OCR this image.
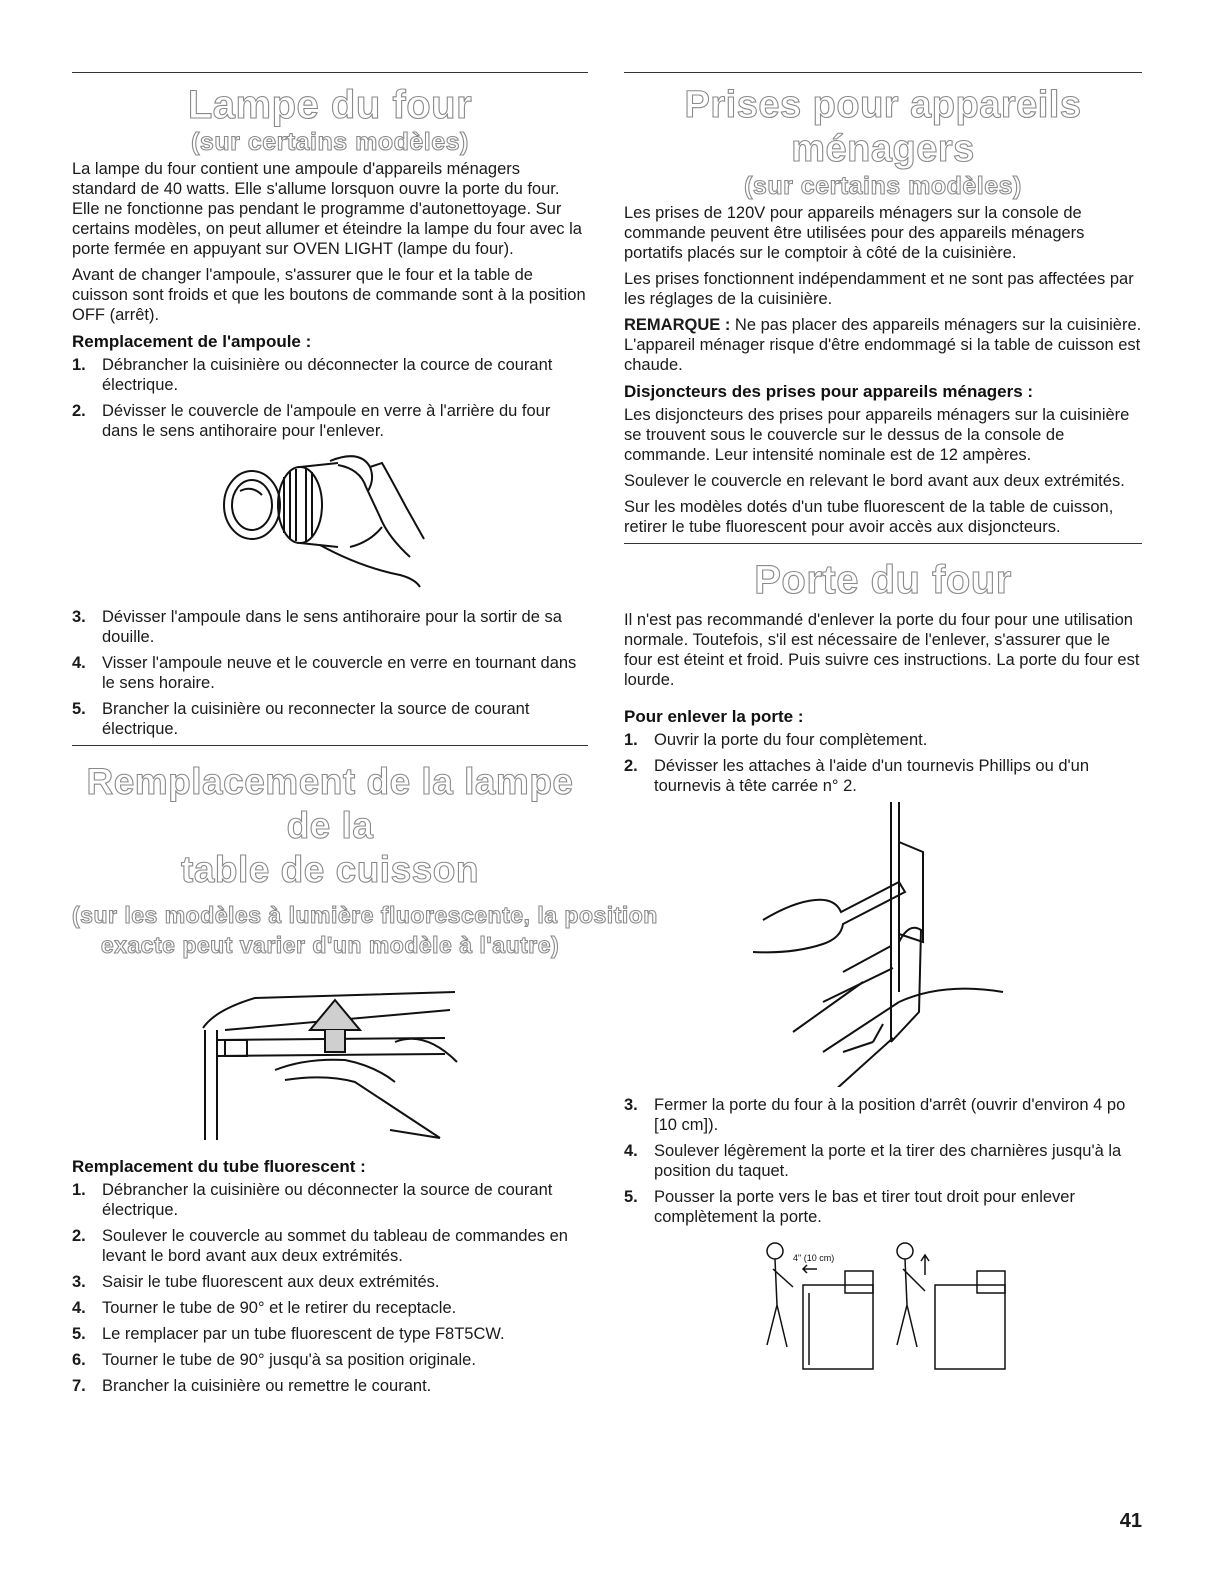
Lampe du four
(sur certains modèles)

La lampe du four contient une ampoule d'appareils ménagers standard de 40 watts. Elle s'allume lorsquon ouvre la porte du four. Elle ne fonctionne pas pendant le programme d'autonettoyage. Sur certains modèles, on peut allumer et éteindre la lampe du four avec la porte fermée en appuyant sur OVEN LIGHT (lampe du four).

Avant de changer l'ampoule, s'assurer que le four et la table de cuisson sont froids et que les boutons de commande sont à la position OFF (arrêt).

Remplacement de l'ampoule :
1. Débrancher la cuisinière ou déconnecter la cource de courant électrique.
2. Dévisser le couvercle de l'ampoule en verre à l'arrière du four dans le sens antihoraire pour l'enlever.
3. Dévisser l'ampoule dans le sens antihoraire pour la sortir de sa douille.
4. Visser l'ampoule neuve et le couvercle en verre en tournant dans le sens horaire.
5. Brancher la cuisinière ou reconnecter la source de courant électrique.
Remplacement de la lampe de la
table de cuisson
(sur les modèles à lumière fluorescente, la position
exacte peut varier d'un modèle à l'autre)
Remplacement du tube fluorescent :
1. Débrancher la cuisinière ou déconnecter la source de courant électrique.
2. Soulever le couvercle au sommet du tableau de commandes en levant le bord avant aux deux extrémités.
3. Saisir le tube fluorescent aux deux extrémités.
4. Tourner le tube de 90° et le retirer du receptacle.
5. Le remplacer par un tube fluorescent de type F8T5CW.
6. Tourner le tube de 90° jusqu'à sa position originale.
7. Brancher la cuisinière ou remettre le courant.
Prises pour appareils ménagers
(sur certains modèles)

Les prises de 120V pour appareils ménagers sur la console de commande peuvent être utilisées pour des appareils ménagers portatifs placés sur le comptoir à côté de la cuisinière.

Les prises fonctionnent indépendamment et ne sont pas affectées par les réglages de la cuisinière.

REMARQUE : Ne pas placer des appareils ménagers sur la cuisinière. L'appareil ménager risque d'être endommagé si la table de cuisson est chaude.

Disjoncteurs des prises pour appareils ménagers :

Les disjoncteurs des prises pour appareils ménagers sur la cuisinière se trouvent sous le couvercle sur le dessus de la console de commande. Leur intensité nominale est de 12 ampères.

Soulever le couvercle en relevant le bord avant aux deux extrémités.

Sur les modèles dotés d'un tube fluorescent de la table de cuisson, retirer le tube fluorescent pour avoir accès aux disjoncteurs.

Porte du four

Il n'est pas recommandé d'enlever la porte du four pour une utilisation normale. Toutefois, s'il est nécessaire de l'enlever, s'assurer que le four est éteint et froid. Puis suivre ces instructions. La porte du four est lourde.

Pour enlever la porte :
1. Ouvrir la porte du four complètement.
2. Dévisser les attaches à l'aide d'un tournevis Phillips ou d'un tournevis à tête carrée n° 2.
3. Fermer la porte du four à la position d'arrêt (ouvrir d'environ 4 po [10 cm]).
4. Soulever légèrement la porte et la tirer des charnières jusqu'à la position du taquet.
5. Pousser la porte vers le bas et tirer tout droit pour enlever complètement la porte.
4" (10 cm)
41
